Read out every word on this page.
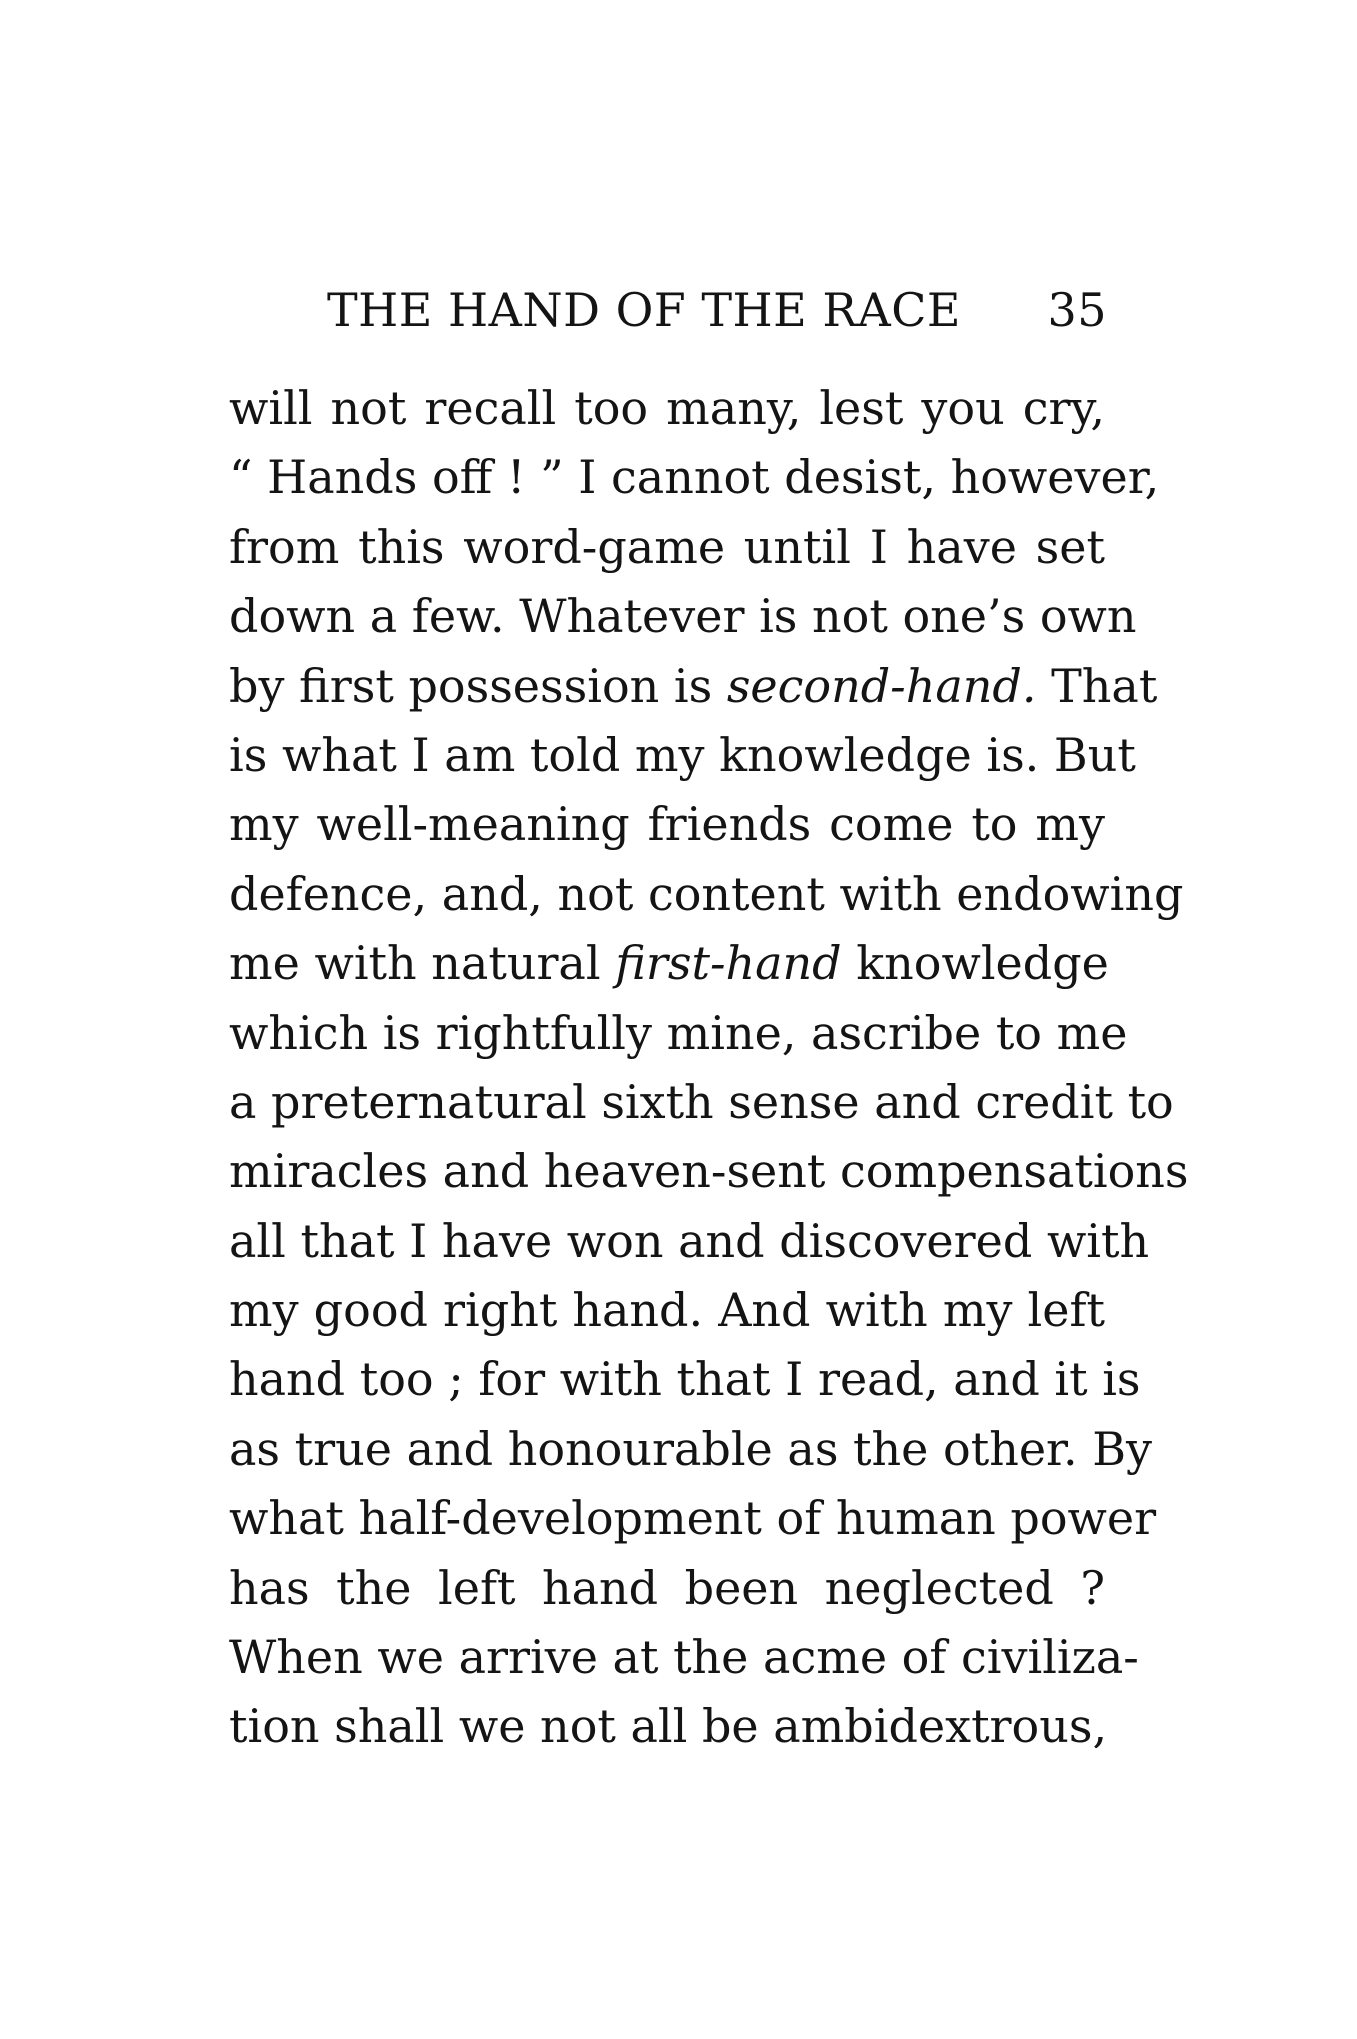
THE HAND OF THE RACE 35
will not recall too many, lest you cry,
“ Hands off ! ” I cannot desist, however,
from this word-game until I have set
down a few. Whatever is not one’s own
by first possession is second-hand. That
is what I am told my knowledge is. But
my well-meaning friends come to my
defence, and, not content with endowing
me with natural first-hand knowledge
which is rightfully mine, ascribe to me
a preternatural sixth sense and credit to
miracles and heaven-sent compensations
all that I have won and discovered with
my good right hand. And with my left
hand too ; for with that I read, and it is
as true and honourable as the other. By
what half-development of human power
has the left hand been neglected ?
When we arrive at the acme of civiliza-
tion shall we not all be ambidextrous,
